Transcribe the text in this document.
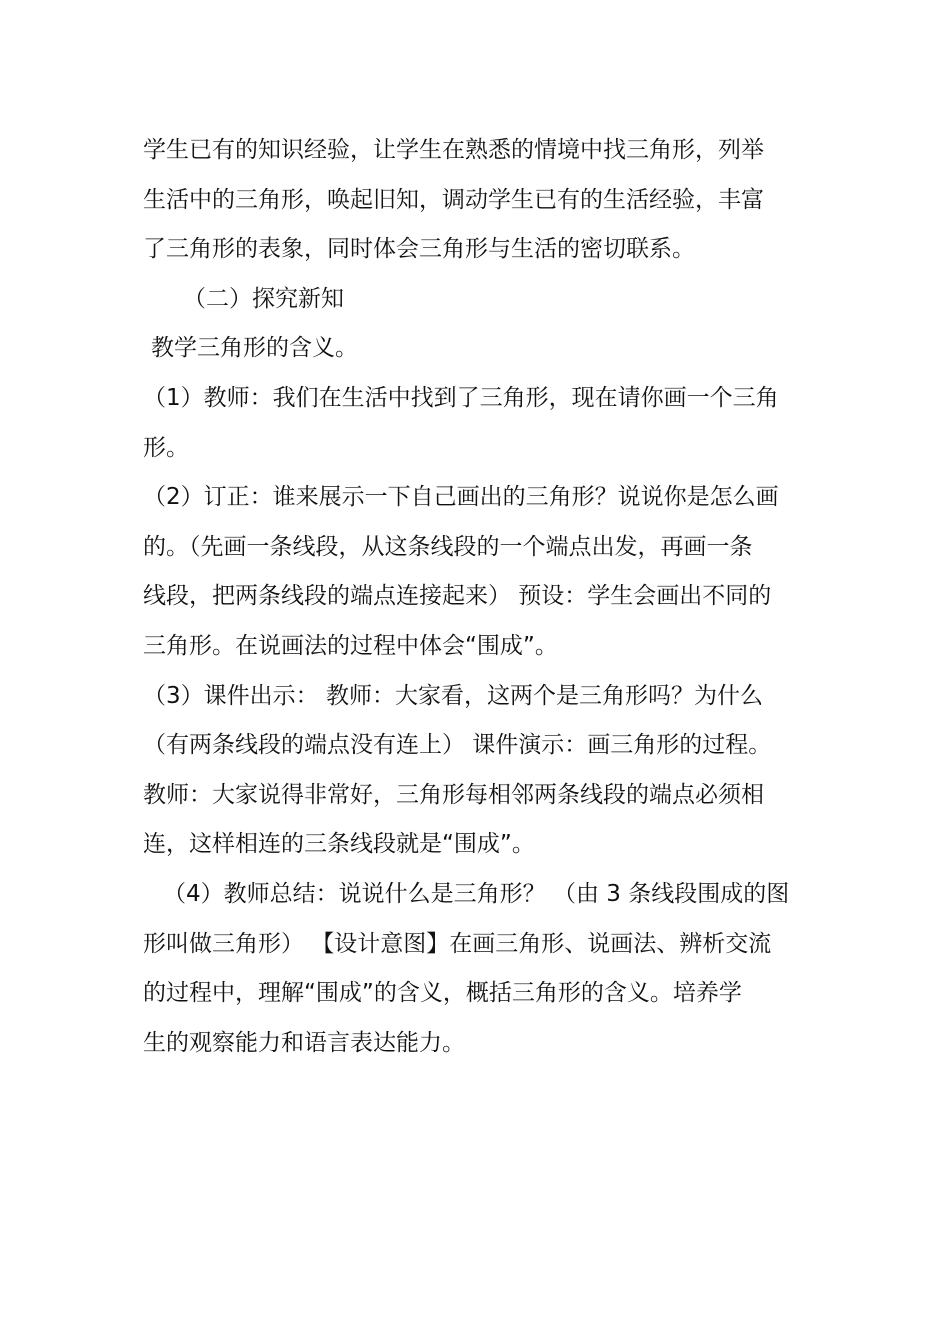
学生已有的知识经验，让学生在熟悉的情境中找三角形，列举
生活中的三角形，唤起旧知，调动学生已有的生活经验，丰富
了三角形的表象，同时体会三角形与生活的密切联系。
（二）探究新知
教学三角形的含义。
（1）教师：我们在生活中找到了三角形，现在请你画一个三角
形。
（2）订正：谁来展示一下自己画出的三角形？说说你是怎么画
的。（先画一条线段，从这条线段的一个端点出发，再画一条
线段，把两条线段的端点连接起来） 预设：学生会画出不同的
三角形。在说画法的过程中体会“围成”。
（3）课件出示： 教师：大家看，这两个是三角形吗？为什么
（有两条线段的端点没有连上） 课件演示：画三角形的过程。
教师：大家说得非常好，三角形每相邻两条线段的端点必须相
连，这样相连的三条线段就是“围成”。
（4）教师总结：说说什么是三角形？ （由 3 条线段围成的图
形叫做三角形） 【设计意图】在画三角形、说画法、辨析交流
的过程中，理解“围成”的含义，概括三角形的含义。培养学
生的观察能力和语言表达能力。
